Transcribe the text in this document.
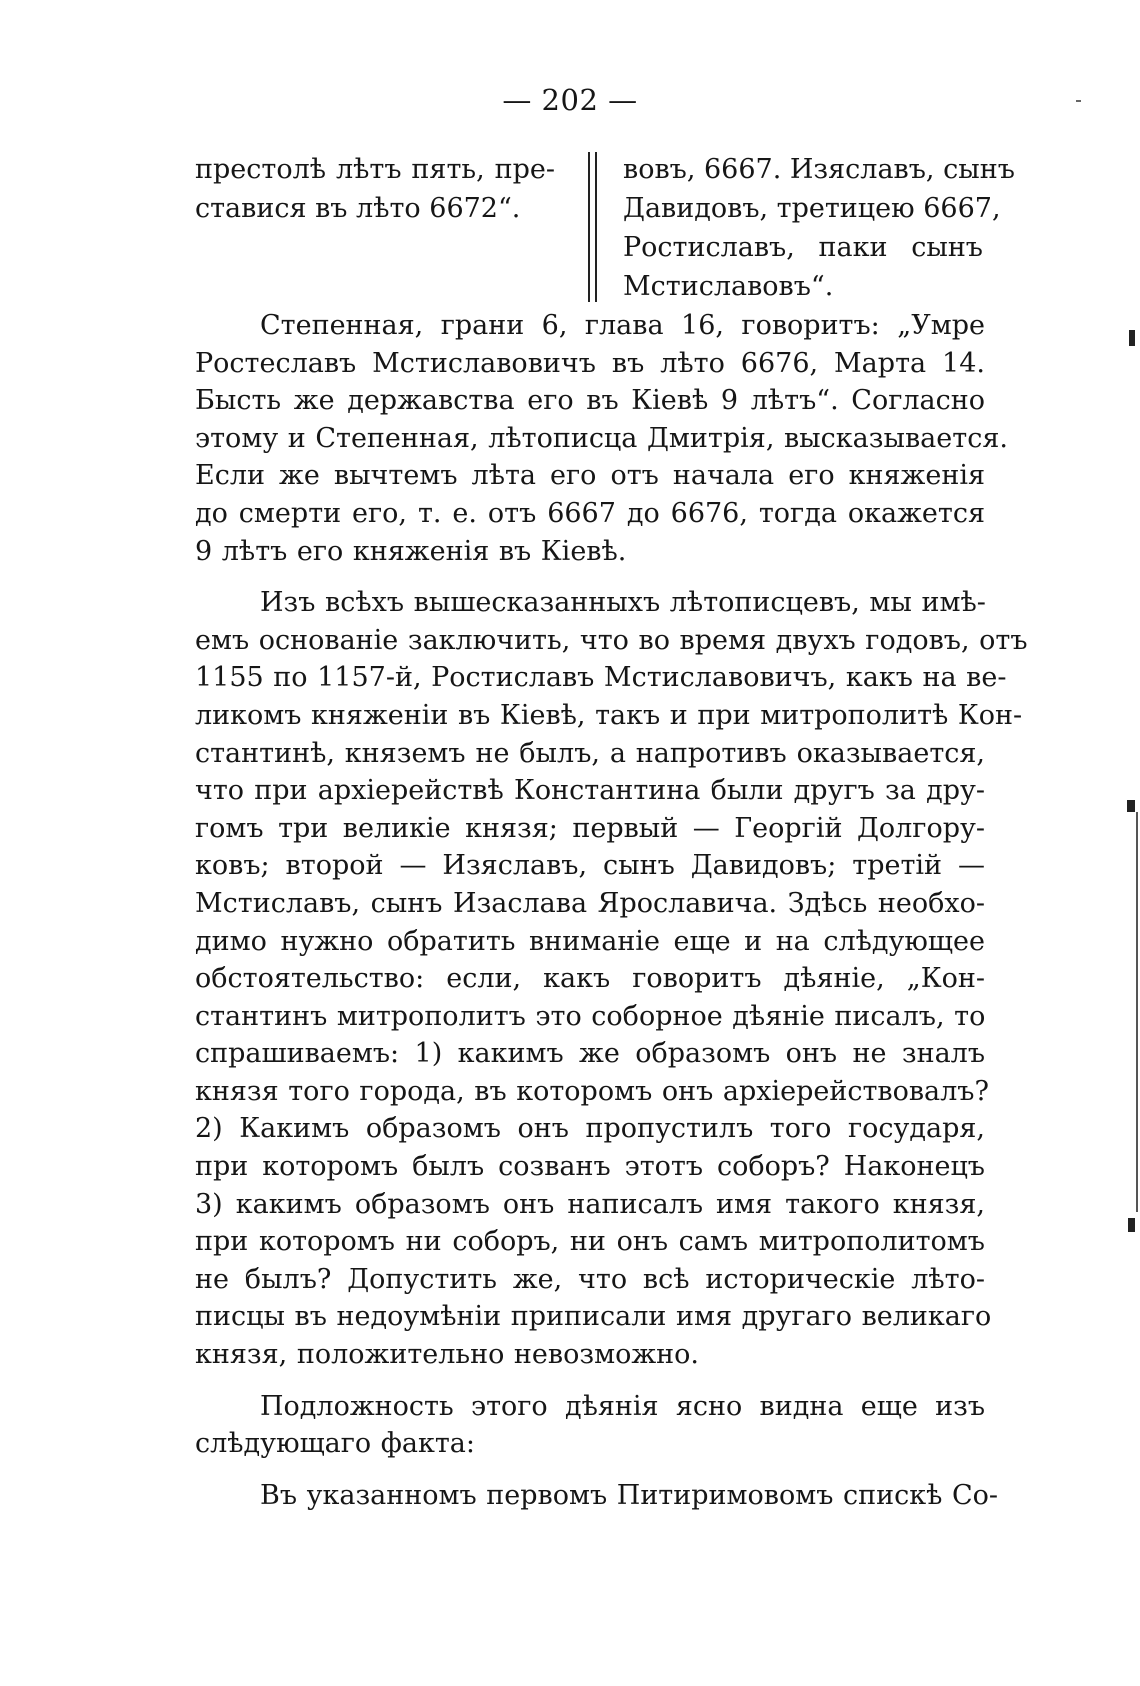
— 202 —
престолѣ лѣтъ пять, пре-
ставися въ лѣто 6672“.
вовъ, 6667. Изяславъ, сынъ
Давидовъ, третицею 6667,
Ростиславъ, паки сынъ
Мстиславовъ“.
Степенная, грани 6, глава 16, говоритъ: „Умре
Ростеславъ Мстиславовичъ въ лѣто 6676, Марта 14.
Бысть же державства его въ Кіевѣ 9 лѣтъ“. Согласно
этому и Степенная, лѣтописца Дмитрія, высказывается.
Если же вычтемъ лѣта его отъ начала его княженія
до смерти его, т. е. отъ 6667 до 6676, тогда окажется
9 лѣтъ его княженія въ Кіевѣ.
Изъ всѣхъ вышесказанныхъ лѣтописцевъ, мы имѣ-
емъ основаніе заключить, что во время двухъ годовъ, отъ
1155 по 1157-й, Ростиславъ Мстиславовичъ, какъ на ве-
ликомъ княженіи въ Кіевѣ, такъ и при митрополитѣ Кон-
стантинѣ, княземъ не былъ, а напротивъ оказывается,
что при архіерействѣ Константина были другъ за дру-
гомъ три великіе князя; первый — Георгій Долгору-
ковъ; второй — Изяславъ, сынъ Давидовъ; третій —
Мстиславъ, сынъ Изаслава Ярославича. Здѣсь необхо-
димо нужно обратить вниманіе еще и на слѣдующее
обстоятельство: если, какъ говоритъ дѣяніе, „Кон-
стантинъ митрополитъ это соборное дѣяніе писалъ, то
спрашиваемъ: 1) какимъ же образомъ онъ не зналъ
князя того города, въ которомъ онъ архіерействовалъ?
2) Какимъ образомъ онъ пропустилъ того государя,
при которомъ былъ созванъ этотъ соборъ? Наконецъ
3) какимъ образомъ онъ написалъ имя такого князя,
при которомъ ни соборъ, ни онъ самъ митрополитомъ
не былъ? Допустить же, что всѣ историческіе лѣто-
писцы въ недоумѣніи приписали имя другаго великаго
князя, положительно невозможно.
Подложность этого дѣянія ясно видна еще изъ
слѣдующаго факта:
Въ указанномъ первомъ Питиримовомъ спискѣ Со-
